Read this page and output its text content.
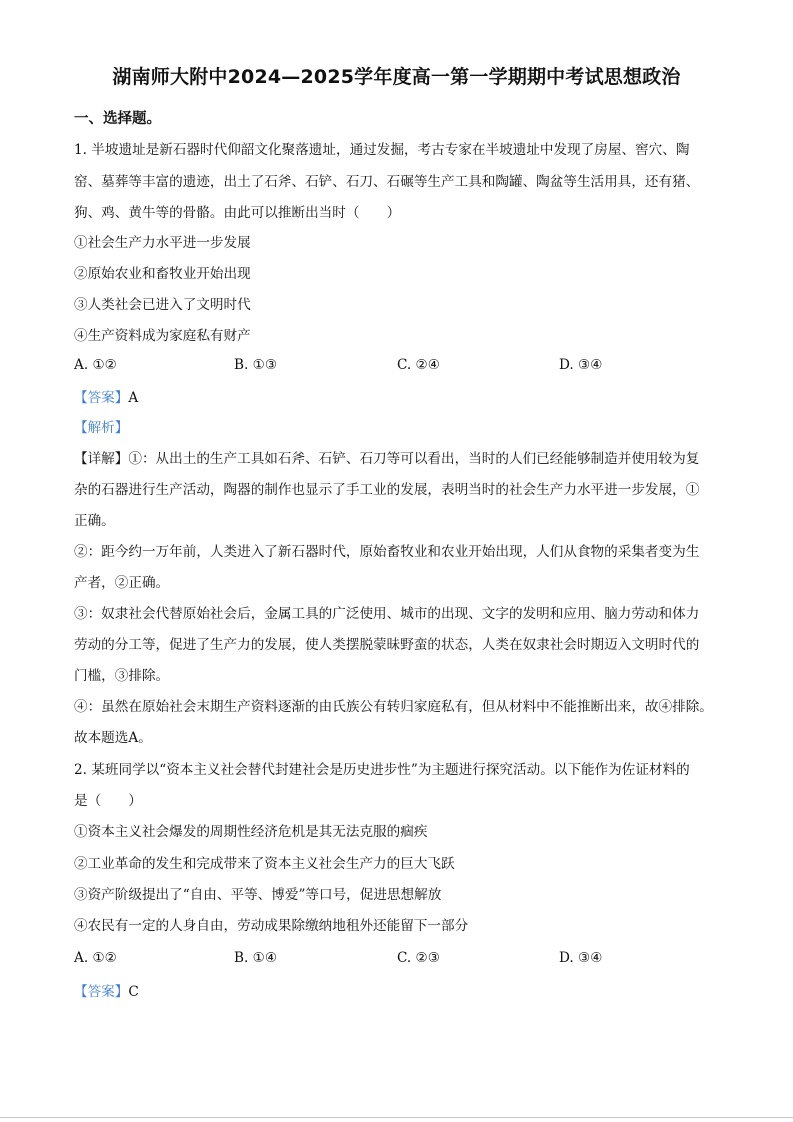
湖南师大附中2024—2025学年度高一第一学期期中考试思想政治
一、选择题。
1. 半坡遗址是新石器时代仰韶文化聚落遗址，通过发掘，考古专家在半坡遗址中发现了房屋、窖穴、陶
窑、墓葬等丰富的遗迹，出土了石斧、石铲、石刀、石碾等生产工具和陶罐、陶盆等生活用具，还有猪、
狗、鸡、黄牛等的骨骼。由此可以推断出当时（　　）
①社会生产力水平进一步发展
②原始农业和畜牧业开始出现
③人类社会已进入了文明时代
④生产资料成为家庭私有财产
A. ①②	B. ①③	C. ②④	D. ③④
【答案】A
【解析】
【详解】①：从出土的生产工具如石斧、石铲、石刀等可以看出，当时的人们已经能够制造并使用较为复
杂的石器进行生产活动，陶器的制作也显示了手工业的发展，表明当时的社会生产力水平进一步发展，①
正确。
②：距今约一万年前，人类进入了新石器时代，原始畜牧业和农业开始出现，人们从食物的采集者变为生
产者，②正确。
③：奴隶社会代替原始社会后，金属工具的广泛使用、城市的出现、文字的发明和应用、脑力劳动和体力
劳动的分工等，促进了生产力的发展，使人类摆脱蒙昧野蛮的状态，人类在奴隶社会时期迈入文明时代的
门槛，③排除。
④：虽然在原始社会末期生产资料逐渐的由氏族公有转归家庭私有，但从材料中不能推断出来，故④排除。
故本题选A。
2. 某班同学以“资本主义社会替代封建社会是历史进步性”为主题进行探究活动。以下能作为佐证材料的
是（　　）
①资本主义社会爆发的周期性经济危机是其无法克服的痼疾
②工业革命的发生和完成带来了资本主义社会生产力的巨大飞跃
③资产阶级提出了“自由、平等、博爱”等口号，促进思想解放
④农民有一定的人身自由，劳动成果除缴纳地租外还能留下一部分
A. ①②	B. ①④	C. ②③	D. ③④
【答案】C
